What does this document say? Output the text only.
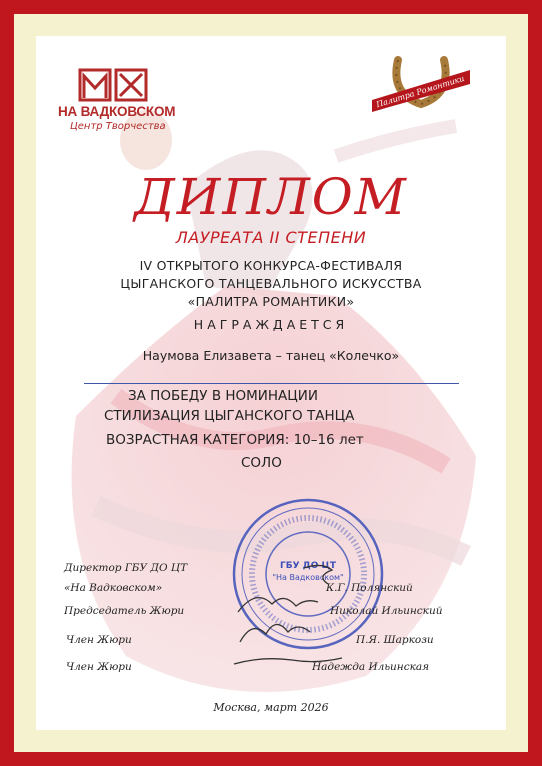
НА ВАДКОВСКОМ
Центр Творчества
Палитра Романтики
ДИПЛОМ
ЛАУРЕАТА II СТЕПЕНИ
IV ОТКРЫТОГО КОНКУРСА-ФЕСТИВАЛЯ
ЦЫГАНСКОГО ТАНЦЕВАЛЬНОГО ИСКУССТВА
«ПАЛИТРА РОМАНТИКИ»
НАГРАЖДАЕТСЯ
Наумова Елизавета – танец «Колечко»
ЗА ПОБЕДУ В НОМИНАЦИИ
СТИЛИЗАЦИЯ ЦЫГАНСКОГО ТАНЦА
ВОЗРАСТНАЯ КАТЕГОРИЯ: 10–16 лет
СОЛО
ГБУ ДО ЦТ
"На Вадковском"
Директор ГБУ ДО ЦТ
«На Вадковском»	К.Г. Полянский
Председатель Жюри	Николай Ильинский
Член Жюри	П.Я. Шаркози
Член Жюри	Надежда Ильинская
Москва, март 2026
